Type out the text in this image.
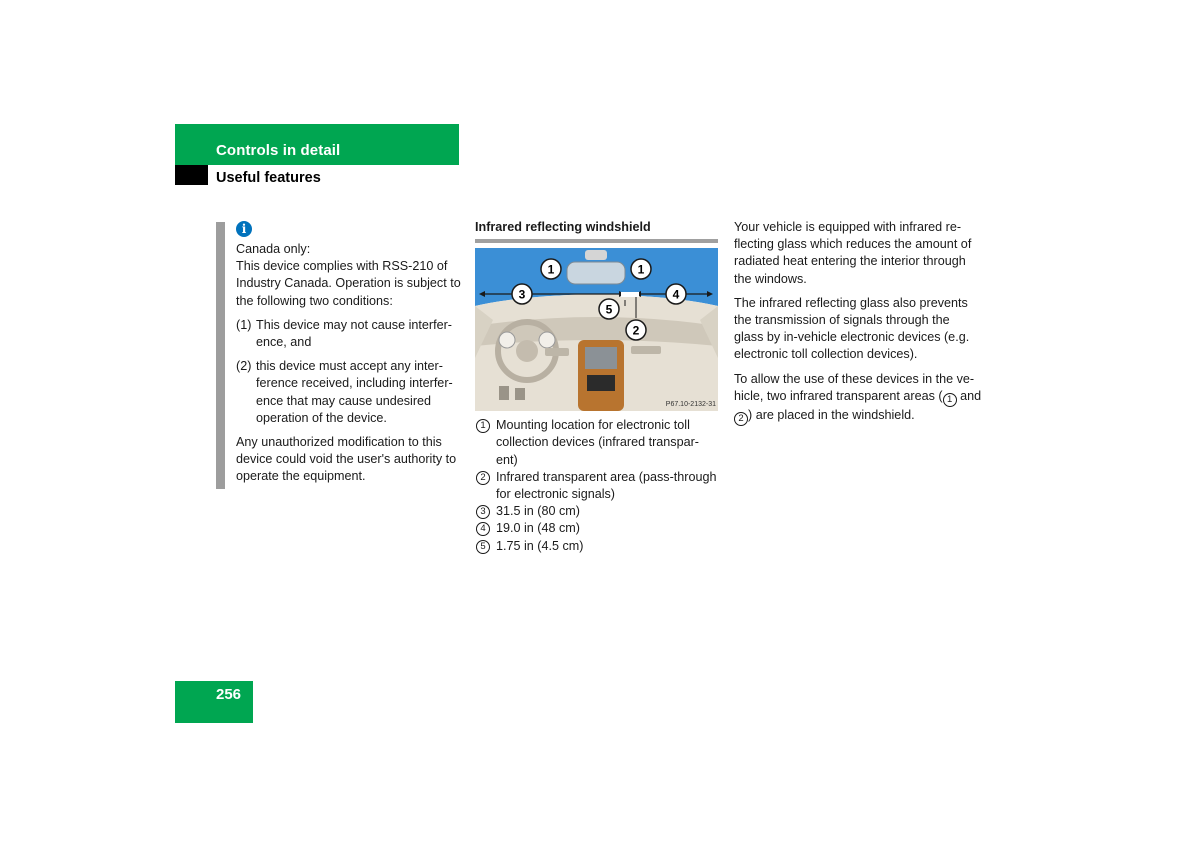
Controls in detail
Useful features
i
Canada only:

This device complies with RSS-210 of Industry Canada. Operation is subject to the following two conditions:

(1) This device may not cause interfer-ence, and
(2) this device must accept any inter-ference received, including interfer-ence that may cause undesired operation of the device.

Any unauthorized modification to this device could void the user's authority to operate the equipment.

Infrared reflecting windshield
1	1
3	4
5
2
P67.10-2132-31
1 Mounting location for electronic toll collection devices (infrared transpar-ent)
2 Infrared transparent area (pass-through for electronic signals)
3 31.5 in (80 cm)
4 19.0 in (48 cm)
5 1.75 in (4.5 cm)

Your vehicle is equipped with infrared re-flecting glass which reduces the amount of radiated heat entering the interior through the windows.

The infrared reflecting glass also prevents the transmission of signals through the glass by in-vehicle electronic devices (e.g. electronic toll collection devices).

To allow the use of these devices in the ve-hicle, two infrared transparent areas ( 1 and 2 ) are placed in the windshield.

256
